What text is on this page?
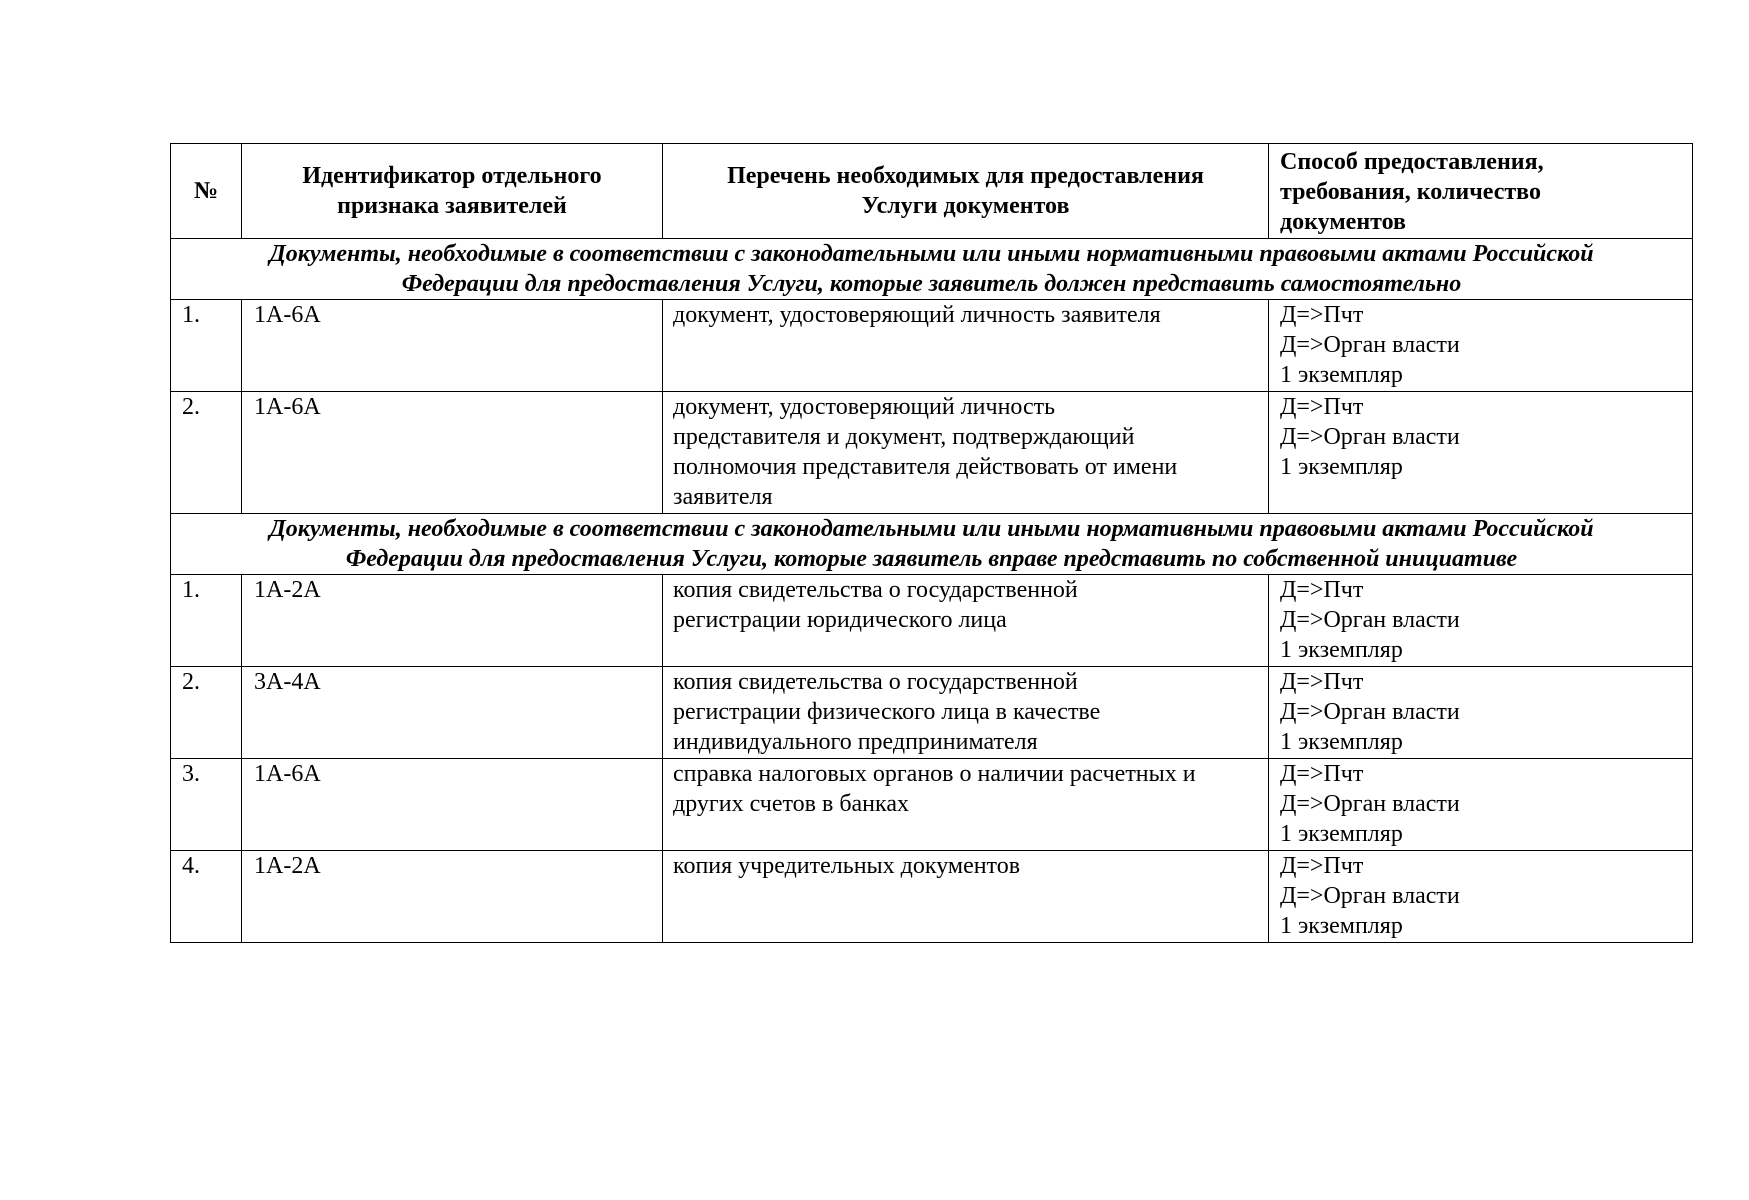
№	Идентификатор отдельного
признака заявителей	Перечень необходимых для предоставления
Услуги документов	Способ предоставления,
требования, количество
документов

Документы, необходимые в соответствии с законодательными или иными нормативными правовыми актами Российской
Федерации для предоставления Услуги, которые заявитель должен представить самостоятельно			

1.	1А-6А	документ, удостоверяющий личность заявителя	Д=>Пчт
Д=>Орган власти
1 экземпляр

2.	1А-6А	документ, удостоверяющий личность
представителя и документ, подтверждающий
полномочия представителя действовать от имени
заявителя	Д=>Пчт
Д=>Орган власти
1 экземпляр

Документы, необходимые в соответствии с законодательными или иными нормативными правовыми актами Российской
Федерации для предоставления Услуги, которые заявитель вправе представить по собственной инициативе			

1.	1А-2А	копия свидетельства о государственной
регистрации юридического лица	Д=>Пчт
Д=>Орган власти
1 экземпляр

2.	3А-4А	копия свидетельства о государственной
регистрации физического лица в качестве
индивидуального предпринимателя	Д=>Пчт
Д=>Орган власти
1 экземпляр

3.	1А-6А	справка налоговых органов о наличии расчетных и
других счетов в банках	Д=>Пчт
Д=>Орган власти
1 экземпляр

4.	1А-2А	копия учредительных документов	Д=>Пчт
Д=>Орган власти
1 экземпляр
